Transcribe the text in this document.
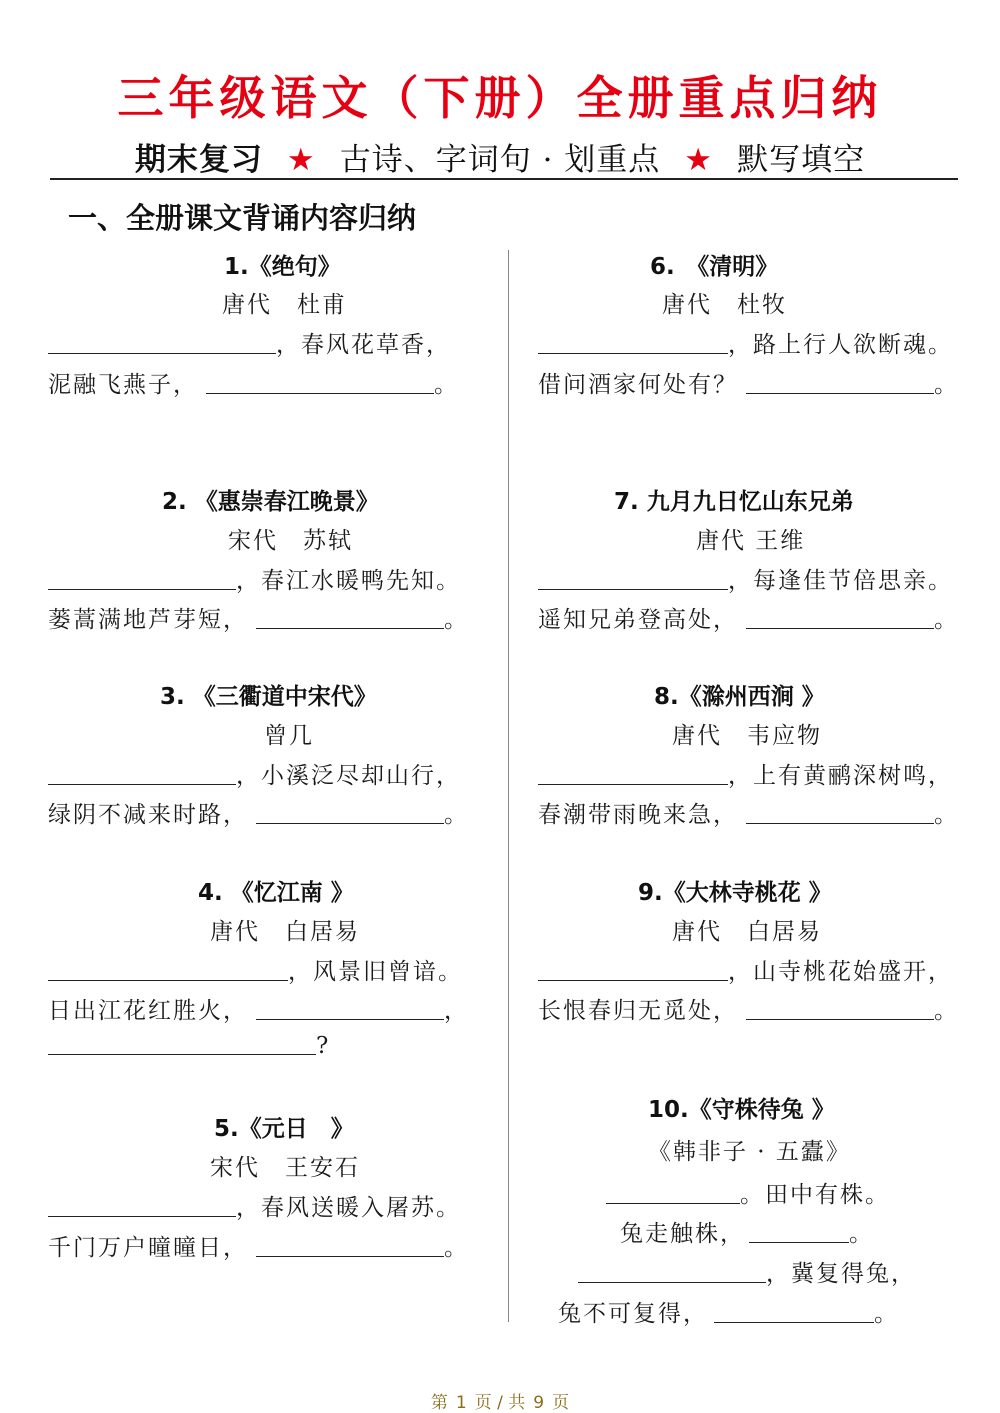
三年级语文（下册）全册重点归纳
期末复习 ★ 古诗、字词句 · 划重点 ★ 默写填空
一、全册课文背诵内容归纳
1.《绝句》
唐代　杜甫
，春风花草香，
泥融飞燕子，	。
2. 《惠崇春江晚景》
宋代　苏轼
，春江水暖鸭先知。
蒌蒿满地芦芽短，	。
3. 《三衢道中宋代》
曾几
，小溪泛尽却山行，
绿阴不减来时路，	。
4. 《忆江南 》
唐代　白居易
，风景旧曾谙。
日出江花红胜火，	，
?
5.《元日　》
宋代　王安石
，春风送暖入屠苏。
千门万户曈曈日，	。
6.　《清明》
唐代　杜牧
，路上行人欲断魂。
借问酒家何处有？	。
7. 九月九日忆山东兄弟
唐代 王维
，每逢佳节倍思亲。
遥知兄弟登高处，	。
8.《滁州西涧 》
唐代　韦应物
，上有黄鹂深树鸣，
春潮带雨晚来急，	。
9.《大林寺桃花 》
唐代　白居易
，山寺桃花始盛开，
长恨春归无觅处，	。
10.《守株待兔 》
《韩非子 · 五蠹》
。田中有株。
兔走触株，	。
，冀复得兔，
兔不可复得，	。
第 1 页 / 共 9 页
